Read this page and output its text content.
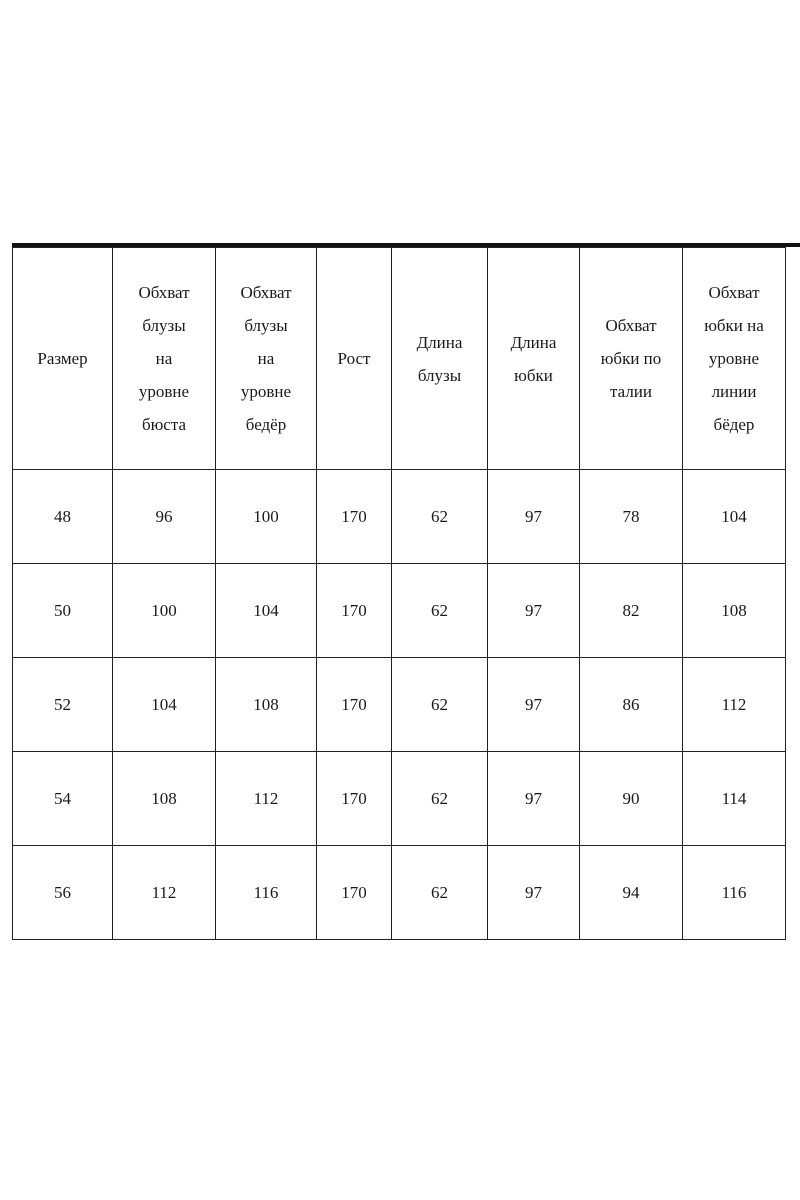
Размер	Обхват
блузы
на
уровне
бюста	Обхват
блузы
на
уровне
бедёр	Рост	Длина
блузы	Длина
юбки	Обхват
юбки по
талии	Обхват
юбки на
уровне
линии
бёдер
48	96	100	170	62	97	78	104
50	100	104	170	62	97	82	108
52	104	108	170	62	97	86	112
54	108	112	170	62	97	90	114
56	112	116	170	62	97	94	116
